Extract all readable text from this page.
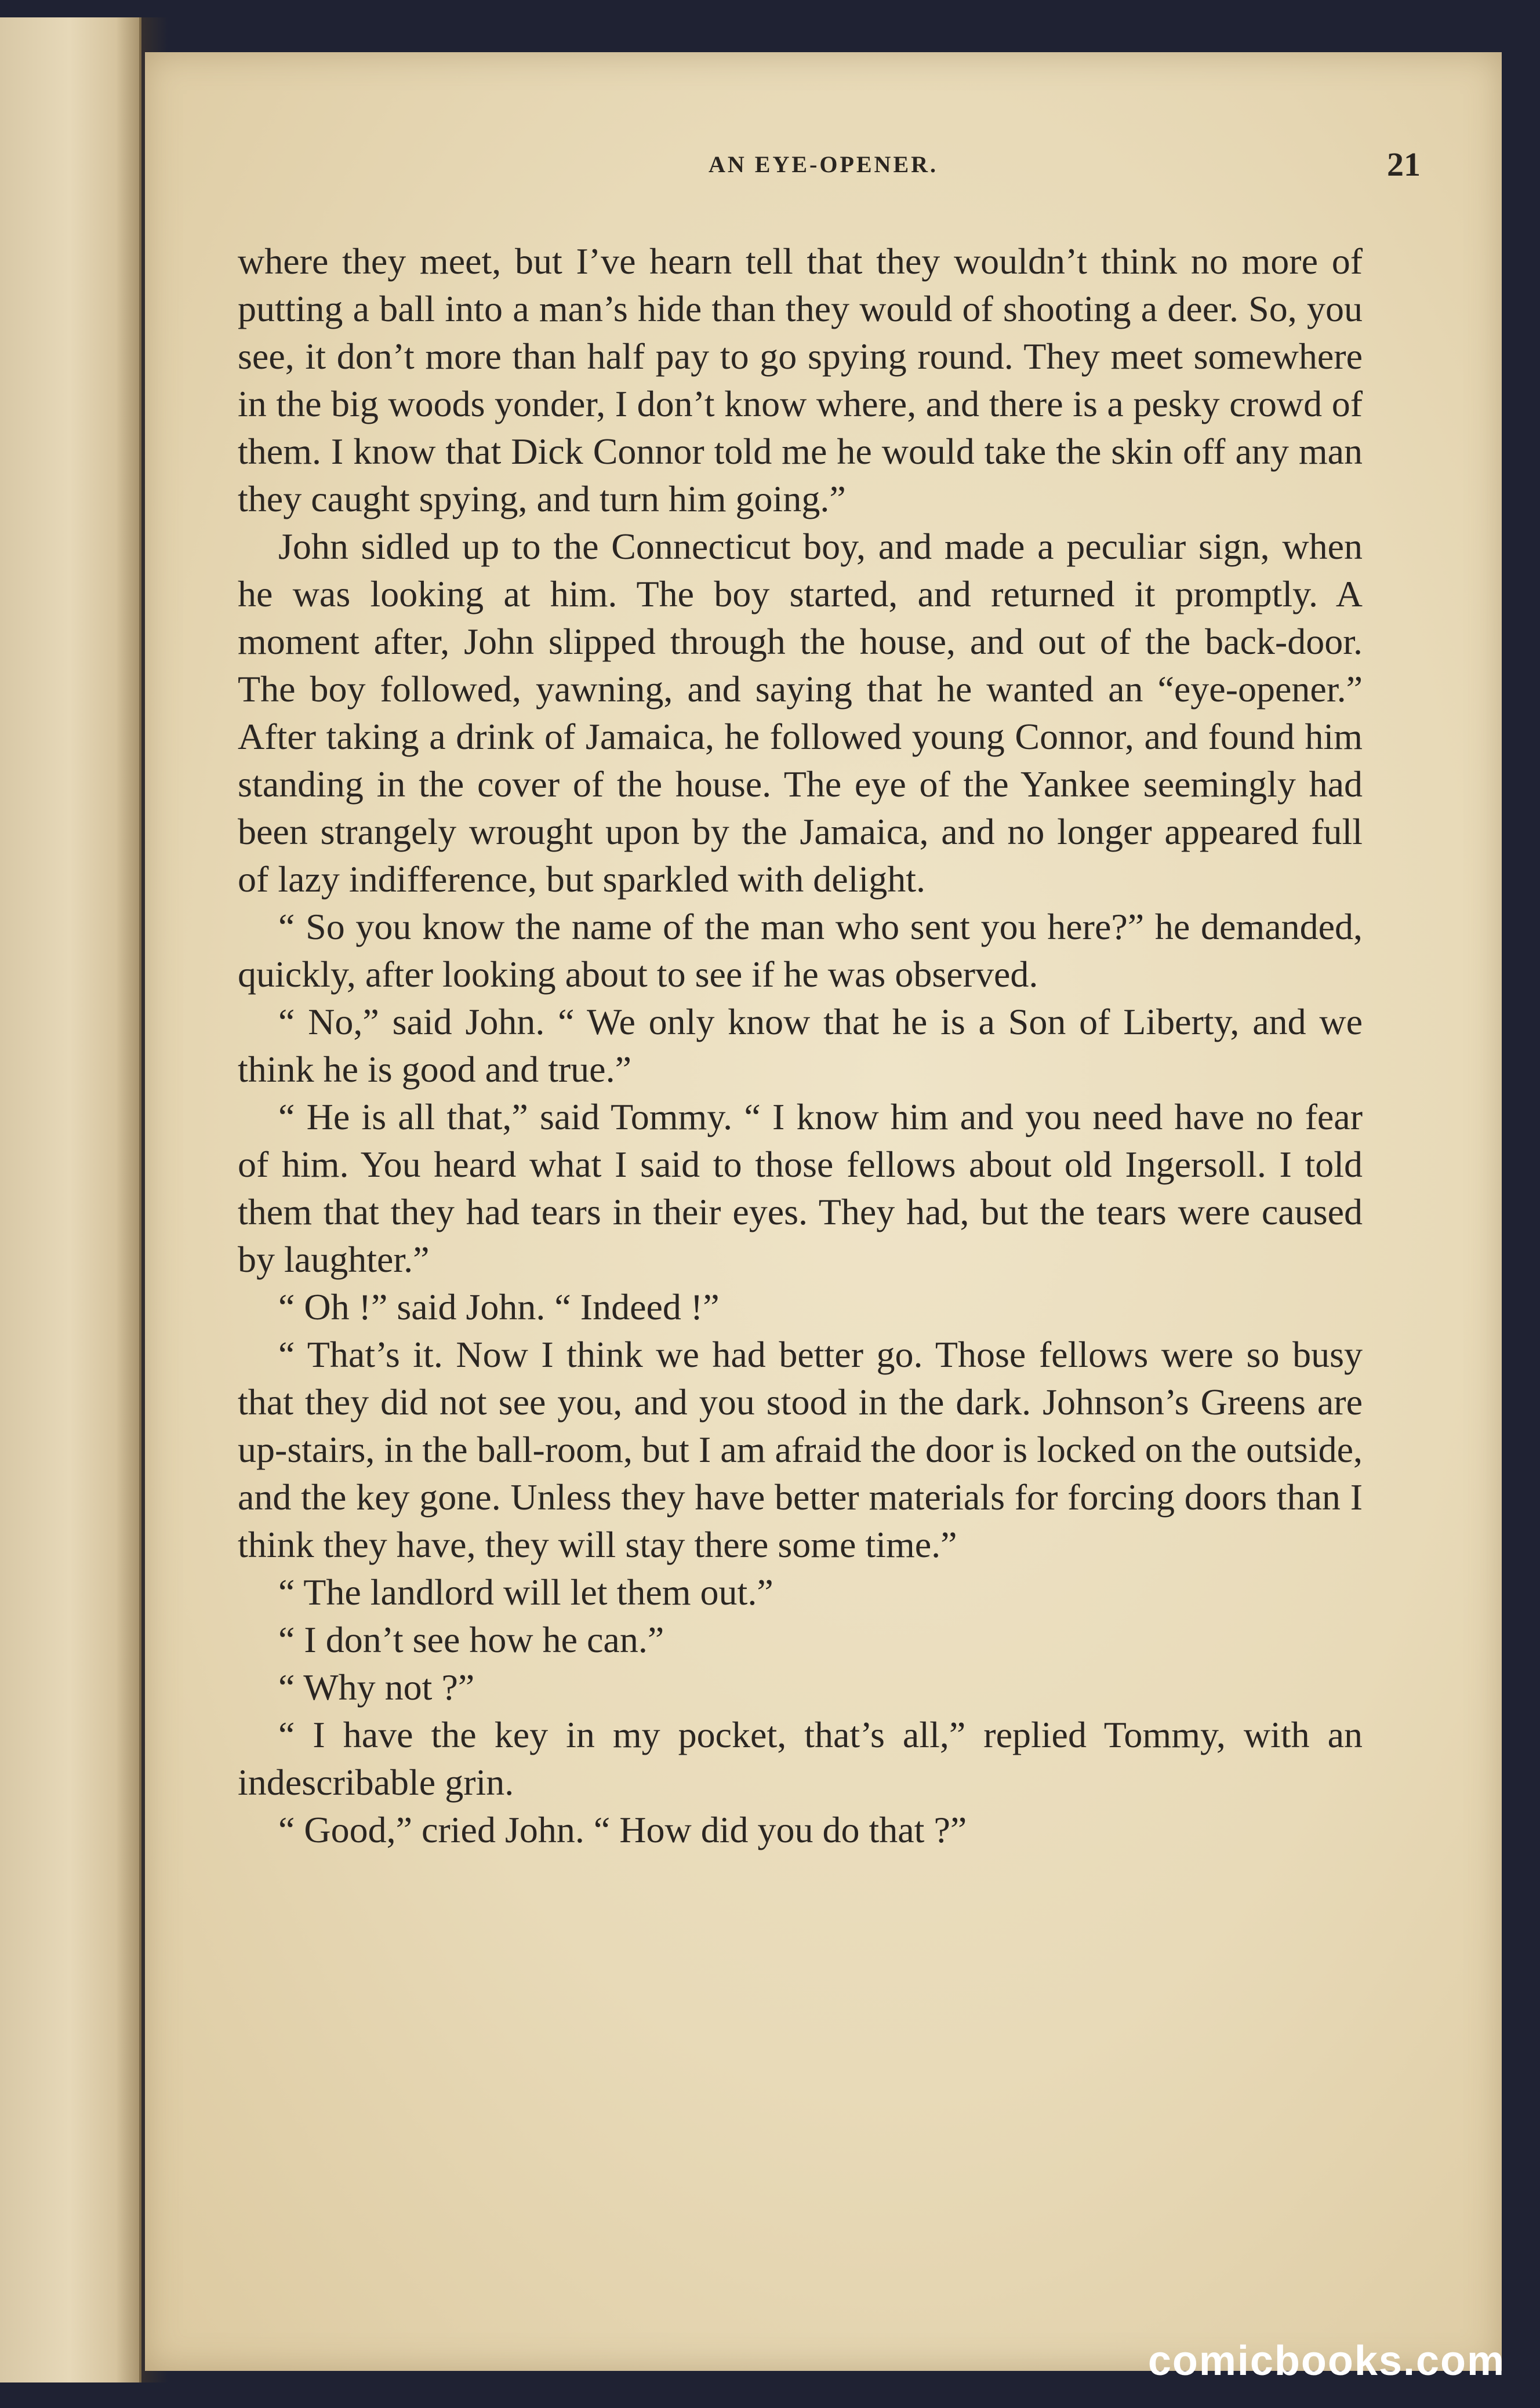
AN EYE-OPENER.	21

where they meet, but I’ve hearn tell that they wouldn’t think no more of putting a ball into a man’s hide than they would of shooting a deer. So, you see, it don’t more than half pay to go spying round. They meet somewhere in the big woods yonder, I don’t know where, and there is a pesky crowd of them. I know that Dick Connor told me he would take the skin off any man they caught spying, and turn him going.”

John sidled up to the Connecticut boy, and made a peculiar sign, when he was looking at him. The boy started, and returned it promptly. A moment after, John slipped through the house, and out of the back-door. The boy followed, yawning, and saying that he wanted an “eye-opener.” After taking a drink of Jamaica, he followed young Connor, and found him standing in the cover of the house. The eye of the Yankee seemingly had been strangely wrought upon by the Jamaica, and no longer appeared full of lazy indifference, but sparkled with delight.

“ So you know the name of the man who sent you here?” he demanded, quickly, after looking about to see if he was observed.

“ No,” said John. “ We only know that he is a Son of Liberty, and we think he is good and true.”

“ He is all that,” said Tommy. “ I know him and you need have no fear of him. You heard what I said to those fellows about old Ingersoll. I told them that they had tears in their eyes. They had, but the tears were caused by laughter.”

“ Oh !” said John. “ Indeed !”

“ That’s it. Now I think we had better go. Those fellows were so busy that they did not see you, and you stood in the dark. Johnson’s Greens are up-stairs, in the ball-room, but I am afraid the door is locked on the outside, and the key gone. Unless they have better materials for forcing doors than I think they have, they will stay there some time.”

“ The landlord will let them out.”

“ I don’t see how he can.”

“ Why not ?”

“ I have the key in my pocket, that’s all,” replied Tommy, with an indescribable grin.

“ Good,” cried John. “ How did you do that ?”

comicbooks.com
